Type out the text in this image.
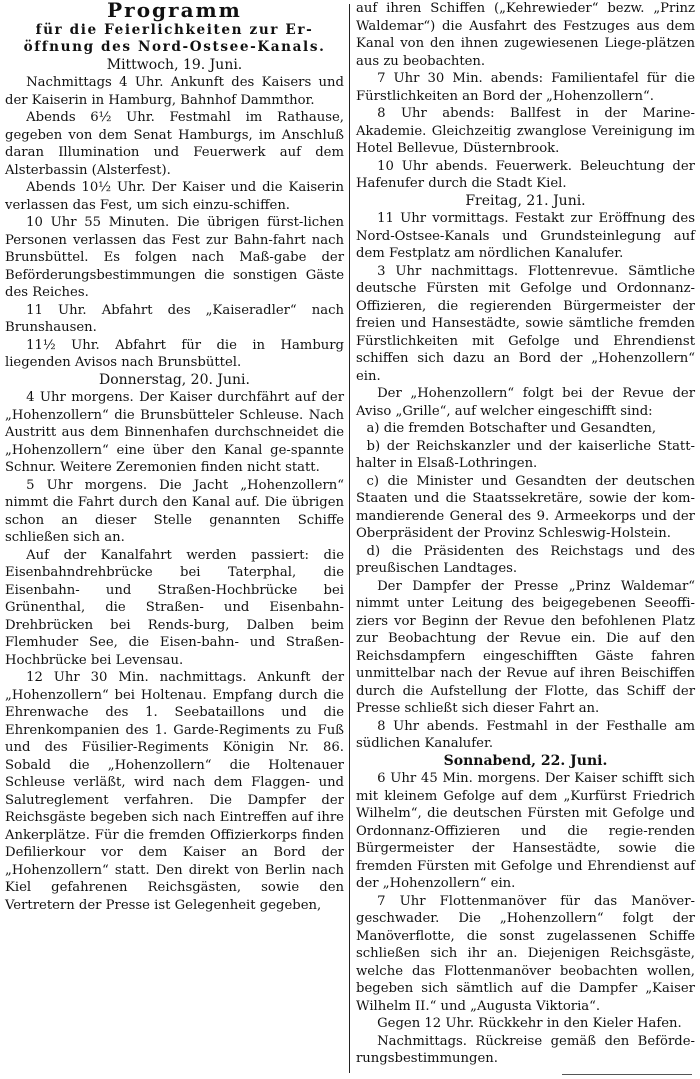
Programm

für die Feierlichkeiten zur Er-

öffnung des Nord-Ostsee-Kanals.

Mittwoch, 19. Juni.

Nachmittags 4 Uhr. Ankunft des Kaisers und der Kaiserin in Hamburg, Bahnhof Dammthor.

Abends 6½ Uhr. Festmahl im Rathause, gegeben von dem Senat Hamburgs, im Anschluß daran Illumination und Feuerwerk auf dem Alsterbassin (Alsterfest).

Abends 10½ Uhr. Der Kaiser und die Kaiserin verlassen das Fest, um sich einzu-schiffen.

10 Uhr 55 Minuten. Die übrigen fürst-lichen Personen verlassen das Fest zur Bahn-fahrt nach Brunsbüttel. Es folgen nach Maß-gabe der Beförderungsbestimmungen die sonstigen Gäste des Reiches.

11 Uhr. Abfahrt des „Kaiseradler“ nach Brunshausen.

11½ Uhr. Abfahrt für die in Hamburg liegenden Avisos nach Brunsbüttel.

Donnerstag, 20. Juni.

4 Uhr morgens. Der Kaiser durchfährt auf der „Hohenzollern“ die Brunsbütteler Schleuse. Nach Austritt aus dem Binnenhafen durchschneidet die „Hohenzollern“ eine über den Kanal ge-spannte Schnur. Weitere Zeremonien finden nicht statt.

5 Uhr morgens. Die Jacht „Hohenzollern“ nimmt die Fahrt durch den Kanal auf. Die übrigen schon an dieser Stelle genannten Schiffe schließen sich an.

Auf der Kanalfahrt werden passiert: die Eisenbahndrehbrücke bei Taterphal, die Eisenbahn- und Straßen-Hochbrücke bei Grünenthal, die Straßen- und Eisenbahn-Drehbrücken bei Rends-burg, Dalben beim Flemhuder See, die Eisen-bahn- und Straßen-Hochbrücke bei Levensau.

12 Uhr 30 Min. nachmittags. Ankunft der „Hohenzollern“ bei Holtenau. Empfang durch die Ehrenwache des 1. Seebataillons und die Ehrenkompanien des 1. Garde-Regiments zu Fuß und des Füsilier-Regiments Königin Nr. 86. Sobald die „Hohenzollern“ die Holtenauer Schleuse verläßt, wird nach dem Flaggen- und Salutreglement verfahren. Die Dampfer der Reichsgäste begeben sich nach Eintreffen auf ihre Ankerplätze. Für die fremden Offizierkorps finden Defilierkour vor dem Kaiser an Bord der „Hohenzollern“ statt. Den direkt von Berlin nach Kiel gefahrenen Reichsgästen, sowie den Vertretern der Presse ist Gelegenheit gegeben,

auf ihren Schiffen („Kehrewieder“ bezw. „Prinz Waldemar“) die Ausfahrt des Festzuges aus dem Kanal von den ihnen zugewiesenen Liege-plätzen aus zu beobachten.

7 Uhr 30 Min. abends: Familientafel für die Fürstlichkeiten an Bord der „Hohenzollern“.

8 Uhr abends: Ballfest in der Marine-Akademie. Gleichzeitig zwanglose Vereinigung im Hotel Bellevue, Düsternbrook.

10 Uhr abends. Feuerwerk. Beleuchtung der Hafenufer durch die Stadt Kiel.

Freitag, 21. Juni.

11 Uhr vormittags. Festakt zur Eröffnung des Nord-Ostsee-Kanals und Grundsteinlegung auf dem Festplatz am nördlichen Kanalufer.

3 Uhr nachmittags. Flottenrevue. Sämtliche deutsche Fürsten mit Gefolge und Ordonnanz-Offizieren, die regierenden Bürgermeister der freien und Hansestädte, sowie sämtliche fremden Fürstlichkeiten mit Gefolge und Ehrendienst schiffen sich dazu an Bord der „Hohenzollern“ ein.

Der „Hohenzollern“ folgt bei der Revue der Aviso „Grille“, auf welcher eingeschifft sind:

a) die fremden Botschafter und Gesandten,

b) der Reichskanzler und der kaiserliche Statt-halter in Elsaß-Lothringen.

c) die Minister und Gesandten der deutschen Staaten und die Staatssekretäre, sowie der kom-mandierende General des 9. Armeekorps und der Oberpräsident der Provinz Schleswig-Holstein.

d) die Präsidenten des Reichstags und des preußischen Landtages.

Der Dampfer der Presse „Prinz Waldemar“ nimmt unter Leitung des beigegebenen Seeoffi-ziers vor Beginn der Revue den befohlenen Platz zur Beobachtung der Revue ein. Die auf den Reichsdampfern eingeschifften Gäste fahren unmittelbar nach der Revue auf ihren Beischiffen durch die Aufstellung der Flotte, das Schiff der Presse schließt sich dieser Fahrt an.

8 Uhr abends. Festmahl in der Festhalle am südlichen Kanalufer.

Sonnabend, 22. Juni.

6 Uhr 45 Min. morgens. Der Kaiser schifft sich mit kleinem Gefolge auf dem „Kurfürst Friedrich Wilhelm“, die deutschen Fürsten mit Gefolge und Ordonnanz-Offizieren und die regie-renden Bürgermeister der Hansestädte, sowie die fremden Fürsten mit Gefolge und Ehrendienst auf der „Hohenzollern“ ein.

7 Uhr Flottenmanöver für das Manöver-geschwader. Die „Hohenzollern“ folgt der Manöverflotte, die sonst zugelassenen Schiffe schließen sich ihr an. Diejenigen Reichsgäste, welche das Flottenmanöver beobachten wollen, begeben sich sämtlich auf die Dampfer „Kaiser Wilhelm II.“ und „Augusta Viktoria“.

Gegen 12 Uhr. Rückkehr in den Kieler Hafen.

Nachmittags. Rückreise gemäß den Beförde-rungsbestimmungen.
